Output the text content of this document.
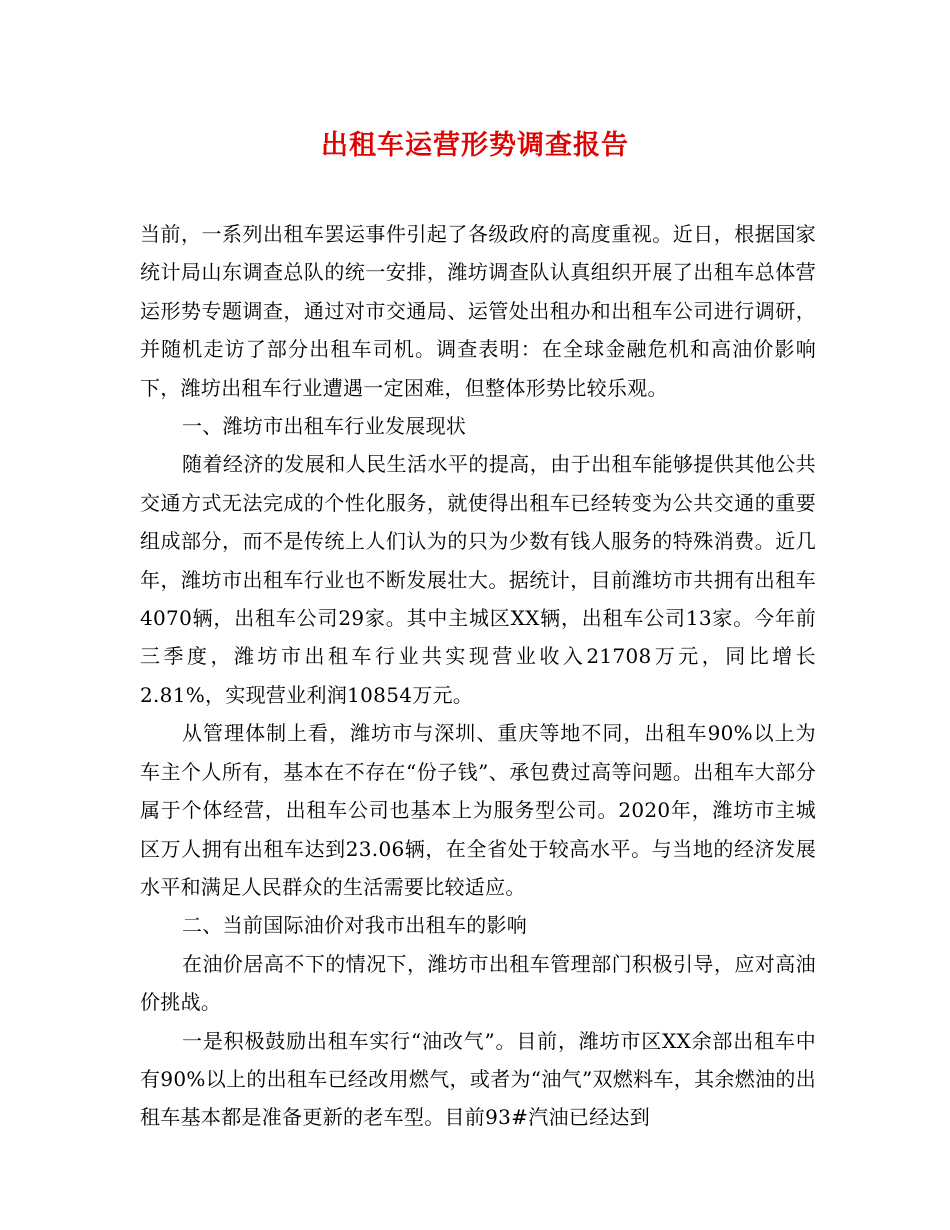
出租车运营形势调查报告

当前，一系列出租车罢运事件引起了各级政府的高度重视。近日，根据国家统计局山东调查总队的统一安排，潍坊调查队认真组织开展了出租车总体营运形势专题调查，通过对市交通局、运管处出租办和出租车公司进行调研，并随机走访了部分出租车司机。调查表明：在全球金融危机和高油价影响下，潍坊出租车行业遭遇一定困难，但整体形势比较乐观。

一、潍坊市出租车行业发展现状

随着经济的发展和人民生活水平的提高，由于出租车能够提供其他公共交通方式无法完成的个性化服务，就使得出租车已经转变为公共交通的重要组成部分，而不是传统上人们认为的只为少数有钱人服务的特殊消费。近几年，潍坊市出租车行业也不断发展壮大。据统计，目前潍坊市共拥有出租车4070辆，出租车公司29家。其中主城区XX辆，出租车公司13家。今年前三季度，潍坊市出租车行业共实现营业收入21708万元，同比增长2.81%，实现营业利润10854万元。

从管理体制上看，潍坊市与深圳、重庆等地不同，出租车90%以上为车主个人所有，基本在不存在“份子钱”、承包费过高等问题。出租车大部分属于个体经营，出租车公司也基本上为服务型公司。2020年，潍坊市主城区万人拥有出租车达到23.06辆，在全省处于较高水平。与当地的经济发展水平和满足人民群众的生活需要比较适应。

二、当前国际油价对我市出租车的影响

在油价居高不下的情况下，潍坊市出租车管理部门积极引导，应对高油价挑战。

一是积极鼓励出租车实行“油改气”。目前，潍坊市区XX余部出租车中有90%以上的出租车已经改用燃气，或者为“油气”双燃料车，其余燃油的出租车基本都是准备更新的老车型。目前93#汽油已经达到
